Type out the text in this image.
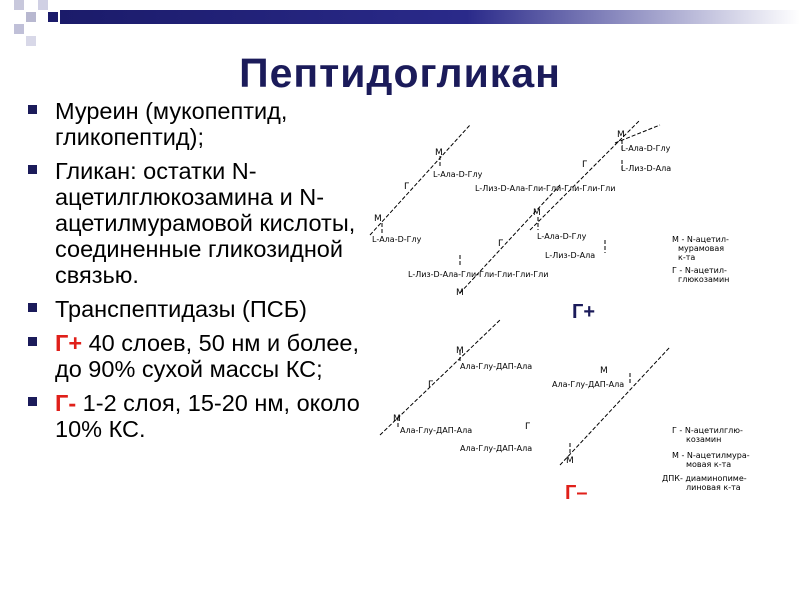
Пептидогликан
Муреин (мукопептид, гликопептид);
Гликан: остатки N-ацетилглюкозамина и N-ацетилмурамовой кислоты, соединенные гликозидной связью.
Транспептидазы (ПСБ)
Г+ 40 слоев, 50 нм и более, до 90% сухой массы КС;
Г- 1-2 слоя, 15-20 нм, около 10% КС.
M
L-Ала-D-Глу
Г
M
L-Ала-D-Глу
L-Лиз-D-Ала
L-Лиз-D-Ала-Гли-Гли-Гли-Гли-Гли
Г
M
L-Ала-D-Глу
M
L-Ала-D-Глу
L-Лиз-D-Ала
Г
L-Лиз-D-Ала-Гли-Гли-Гли-Гли-Гли
M
М - N-ацетил-
мурамовая
к-та
Г - N-ацетил-
глюкозамин
Г+
M
Ала-Глу-ДАП-Ала
Г	Ала-Глу-ДАП-Ала
M
M
Ала-Глу-ДАП-Ала
Ала-Глу-ДАП-Ала
Г
M
Г - N-ацетилглю-
козамин
М - N-ацетилмура-
мовая к-та
ДПК- диаминопиме-
линовая к-та
Г–
